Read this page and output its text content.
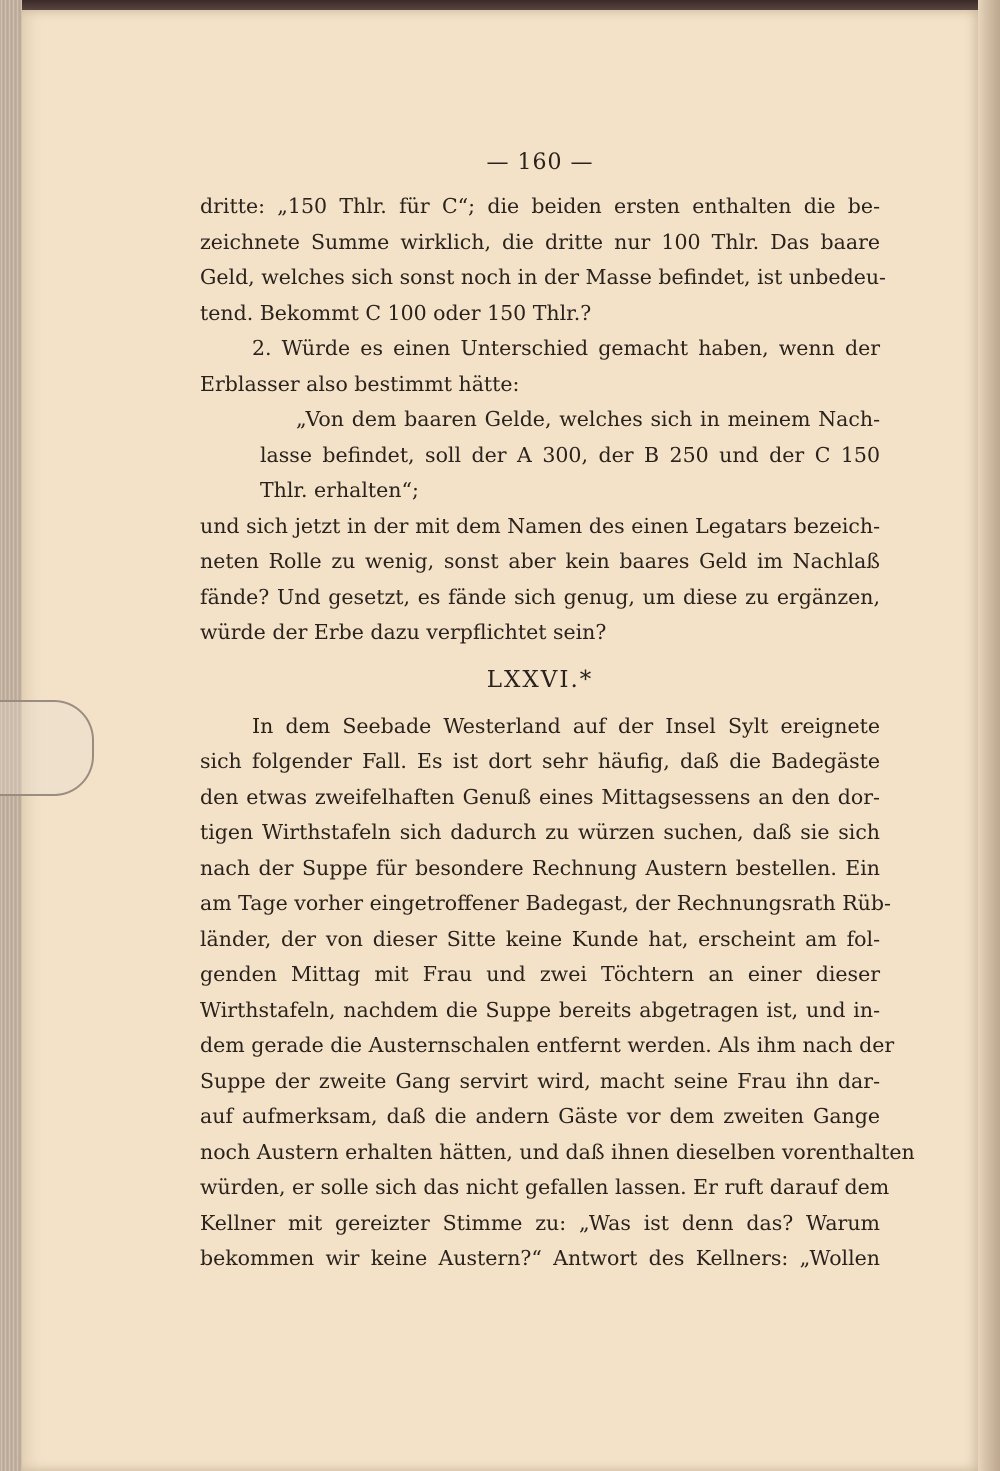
— 160 —
dritte: „150 Thlr. für C“; die beiden ersten enthalten die be-
zeichnete Summe wirklich, die dritte nur 100 Thlr. Das baare
Geld, welches sich sonst noch in der Masse befindet, ist unbedeu-
tend. Bekommt C 100 oder 150 Thlr.?
2. Würde es einen Unterschied gemacht haben, wenn der
Erblasser also bestimmt hätte:
„Von dem baaren Gelde, welches sich in meinem Nach-
lasse befindet, soll der A 300, der B 250 und der C 150
Thlr. erhalten“;
und sich jetzt in der mit dem Namen des einen Legatars bezeich-
neten Rolle zu wenig, sonst aber kein baares Geld im Nachlaß
fände? Und gesetzt, es fände sich genug, um diese zu ergänzen,
würde der Erbe dazu verpflichtet sein?
LXXVI.*
In dem Seebade Westerland auf der Insel Sylt ereignete
sich folgender Fall. Es ist dort sehr häufig, daß die Badegäste
den etwas zweifelhaften Genuß eines Mittagsessens an den dor-
tigen Wirthstafeln sich dadurch zu würzen suchen, daß sie sich
nach der Suppe für besondere Rechnung Austern bestellen. Ein
am Tage vorher eingetroffener Badegast, der Rechnungsrath Rüb-
länder, der von dieser Sitte keine Kunde hat, erscheint am fol-
genden Mittag mit Frau und zwei Töchtern an einer dieser
Wirthstafeln, nachdem die Suppe bereits abgetragen ist, und in-
dem gerade die Austernschalen entfernt werden. Als ihm nach der
Suppe der zweite Gang servirt wird, macht seine Frau ihn dar-
auf aufmerksam, daß die andern Gäste vor dem zweiten Gange
noch Austern erhalten hätten, und daß ihnen dieselben vorenthalten
würden, er solle sich das nicht gefallen lassen. Er ruft darauf dem
Kellner mit gereizter Stimme zu: „Was ist denn das? Warum
bekommen wir keine Austern?“ Antwort des Kellners: „Wollen
